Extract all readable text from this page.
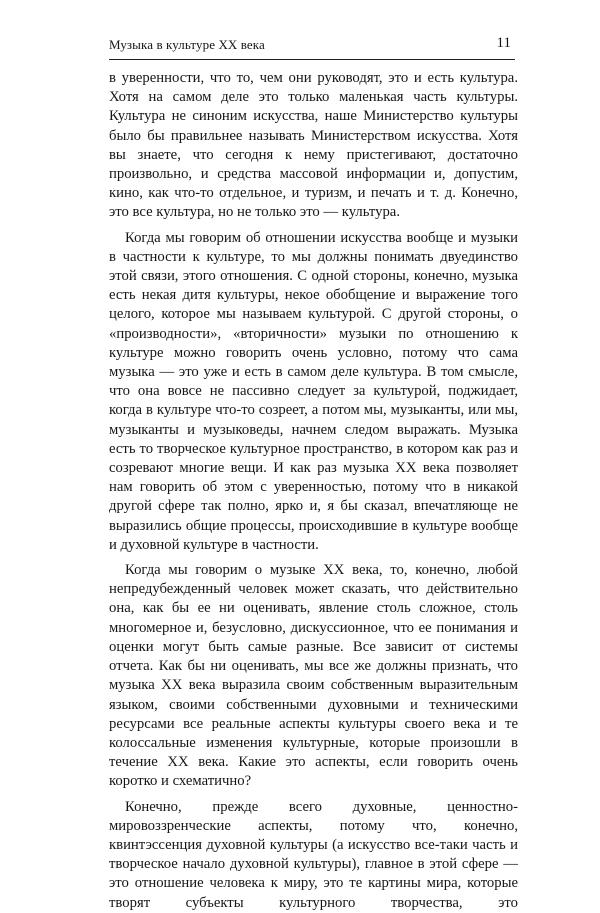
Музыка в культуре XX века	11

в уверенности, что то, чем они руководят, это и есть культура. Хотя на самом деле это только маленькая часть культуры. Культура не синоним искусства, наше Министерство культуры было бы правильнее называть Министерством искусства. Хотя вы знаете, что сегодня к нему пристегивают, достаточно произвольно, и средства массовой информации и, допустим, кино, как что-то отдельное, и туризм, и печать и т. д. Конечно, это все культура, но не только это — культура.

Когда мы говорим об отношении искусства вообще и музыки в частности к культуре, то мы должны понимать двуединство этой связи, этого отношения. С одной стороны, конечно, музыка есть некая дитя культуры, некое обобщение и выражение того целого, которое мы называем культурой. С другой стороны, о «производности», «вторичности» музыки по отношению к культуре можно говорить очень условно, потому что сама музыка — это уже и есть в самом деле культура. В том смысле, что она вовсе не пассивно следует за культурой, поджидает, когда в культуре что-то созреет, а потом мы, музыканты, или мы, музыканты и музыковеды, начнем следом выражать. Музыка есть то творческое культурное пространство, в котором как раз и созревают многие вещи. И как раз музыка XX века позволяет нам говорить об этом с уверенностью, потому что в никакой другой сфере так полно, ярко и, я бы сказал, впечатляюще не выразились общие процессы, происходившие в культуре вообще и духовной культуре в частности.

Когда мы говорим о музыке XX века, то, конечно, любой непредубежденный человек может сказать, что действительно она, как бы ее ни оценивать, явление столь сложное, столь многомерное и, безусловно, дискуссионное, что ее понимания и оценки могут быть самые разные. Все зависит от системы отчета. Как бы ни оценивать, мы все же должны признать, что музыка XX века выразила своим собственным выразительным языком, своими собственными духовными и техническими ресурсами все реальные аспекты культуры своего века и те колоссальные изменения культурные, которые произошли в течение XX века. Какие это аспекты, если говорить очень коротко и схематично?

Конечно, прежде всего духовные, ценностно-мировоззренческие аспекты, потому что, конечно, квинтэссенция духовной культуры (а искусство все-таки часть и творческое начало духовной культуры), главное в этой сфере — это отношение человека к миру, это те картины мира, которые творят субъекты культурного творчества, это
